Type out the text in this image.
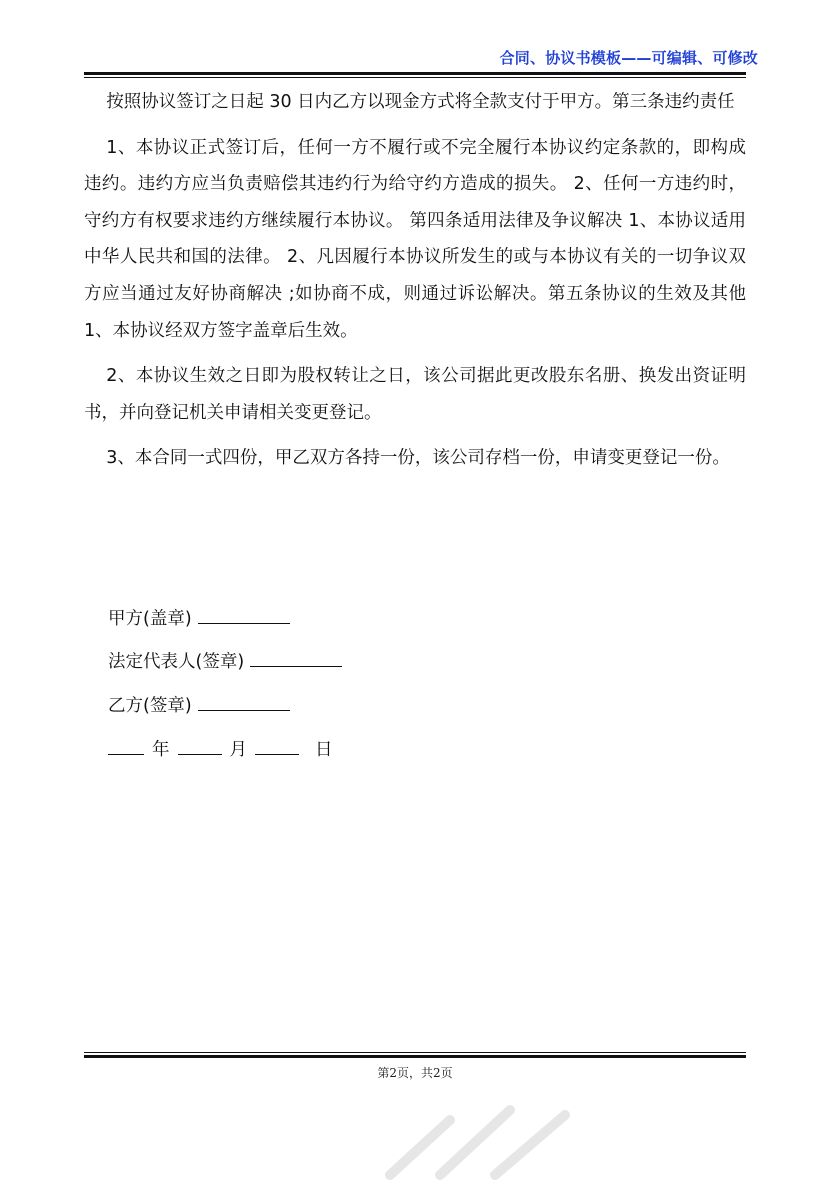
合同、协议书模板——可编辑、可修改

按照协议签订之日起 30 日内乙方以现金方式将全款支付于甲方。第三条违约责任

1、本协议正式签订后，任何一方不履行或不完全履行本协议约定条款的，即构成违约。违约方应当负责赔偿其违约行为给守约方造成的损失。 2、任何一方违约时，守约方有权要求违约方继续履行本协议。 第四条适用法律及争议解决 1、本协议适用中华人民共和国的法律。 2、凡因履行本协议所发生的或与本协议有关的一切争议双方应当通过友好协商解决 ;如协商不成，则通过诉讼解决。第五条协议的生效及其他 1、本协议经双方签字盖章后生效。

2、本协议生效之日即为股权转让之日，该公司据此更改股东名册、换发出资证明书，并向登记机关申请相关变更登记。

3、本合同一式四份，甲乙双方各持一份，该公司存档一份，申请变更登记一份。

甲方(盖章)
法定代表人(签章)
乙方(签章)
年	月	日
第2页，共2页
